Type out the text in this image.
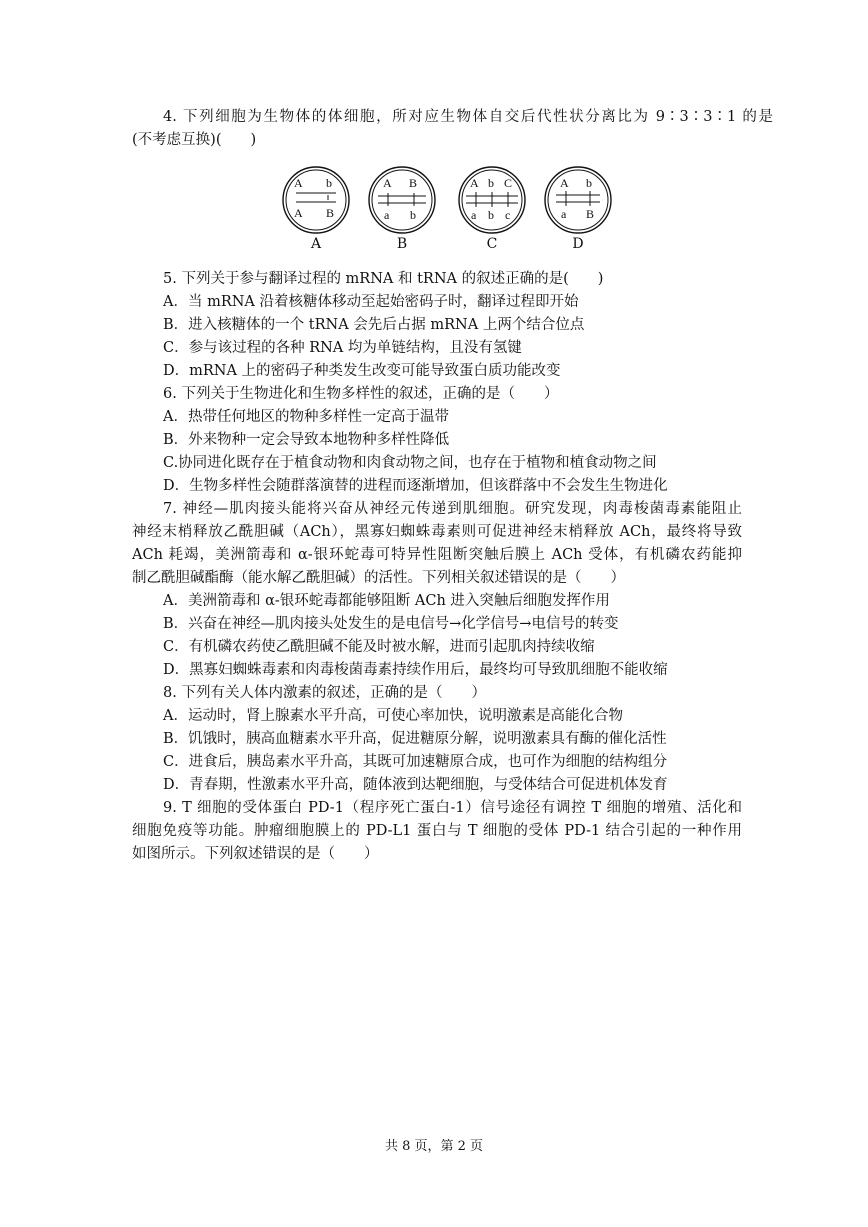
4. 下列细胞为生物体的体细胞，所对应生物体自交后代性状分离比为 9∶3∶3∶1 的是
(不考虑互换)(　　)
A b
A B
A
A B
a b
B
A b C
a b c
C
A b
a B
D
5. 下列关于参与翻译过程的 mRNA 和 tRNA 的叙述正确的是(　　)
A．当 mRNA 沿着核糖体移动至起始密码子时，翻译过程即开始
B．进入核糖体的一个 tRNA 会先后占据 mRNA 上两个结合位点
C．参与该过程的各种 RNA 均为单链结构，且没有氢键
D．mRNA 上的密码子种类发生改变可能导致蛋白质功能改变
6. 下列关于生物进化和生物多样性的叙述，正确的是（　　）
A．热带任何地区的物种多样性一定高于温带
B．外来物种一定会导致本地物种多样性降低
C.协同进化既存在于植食动物和肉食动物之间，也存在于植物和植食动物之间
D．生物多样性会随群落演替的进程而逐渐增加，但该群落中不会发生生物进化
7. 神经—肌肉接头能将兴奋从神经元传递到肌细胞。研究发现，肉毒梭菌毒素能阻止
神经末梢释放乙酰胆碱（ACh），黑寡妇蜘蛛毒素则可促进神经末梢释放 ACh，最终将导致
ACh 耗竭，美洲箭毒和 α-银环蛇毒可特异性阻断突触后膜上 ACh 受体，有机磷农药能抑
制乙酰胆碱酯酶（能水解乙酰胆碱）的活性。下列相关叙述错误的是（　　）
A．美洲箭毒和 α-银环蛇毒都能够阻断 ACh 进入突触后细胞发挥作用
B．兴奋在神经—肌肉接头处发生的是电信号→化学信号→电信号的转变
C．有机磷农药使乙酰胆碱不能及时被水解，进而引起肌肉持续收缩
D．黑寡妇蜘蛛毒素和肉毒梭菌毒素持续作用后，最终均可导致肌细胞不能收缩
8. 下列有关人体内激素的叙述，正确的是（　　）
A．运动时，肾上腺素水平升高，可使心率加快，说明激素是高能化合物
B．饥饿时，胰高血糖素水平升高，促进糖原分解，说明激素具有酶的催化活性
C．进食后，胰岛素水平升高，其既可加速糖原合成，也可作为细胞的结构组分
D．青春期，性激素水平升高，随体液到达靶细胞，与受体结合可促进机体发育
9. T 细胞的受体蛋白 PD-1（程序死亡蛋白-1）信号途径有调控 T 细胞的增殖、活化和
细胞免疫等功能。肿瘤细胞膜上的 PD-L1 蛋白与 T 细胞的受体 PD-1 结合引起的一种作用
如图所示。下列叙述错误的是（　　）
共 8 页，第 2 页
